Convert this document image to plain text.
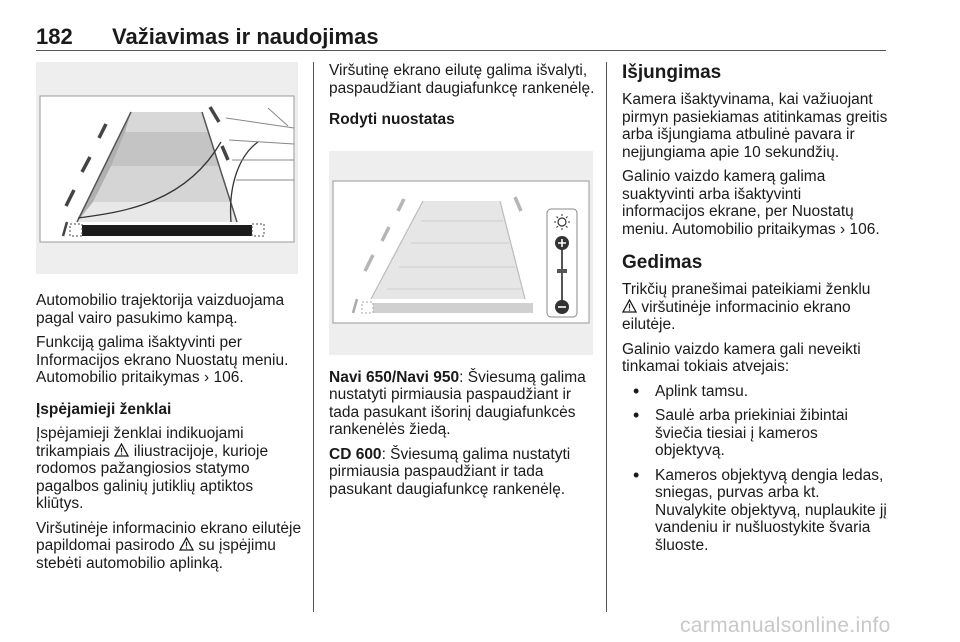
182 Važiavimas ir naudojimas

Automobilio trajektorija vaizduojama pagal vairo pasukimo kampą.

Funkciją galima išaktyvinti per Informacijos ekrano Nuostatų meniu. Automobilio pritaikymas › 106.

Įspėjamieji ženklai

Įspėjamieji ženklai indikuojami trikampiais iliustracijoje, kurioje rodomos pažangiosios statymo pagalbos galinių jutiklių aptiktos kliūtys.

Viršutinėje informacinio ekrano eilutėje papildomai pasirodo su įspėjimu stebėti automobilio aplinką.

Viršutinę ekrano eilutę galima išvalyti, paspaudžiant daugiafunkcę rankenėlę.

Rodyti nuostatas

Navi 650/Navi 950: Šviesumą galima nustatyti pirmiausia paspaudžiant ir tada pasukant išorinį daugiafunkcės rankenėlės žiedą.

CD 600: Šviesumą galima nustatyti pirmiausia paspaudžiant ir tada pasukant daugiafunkcę rankenėlę.

Išjungimas

Kamera išaktyvinama, kai važiuojant pirmyn pasiekiamas atitinkamas greitis arba išjungiama atbulinė pavara ir neįjungiama apie 10 sekundžių.

Galinio vaizdo kamerą galima suaktyvinti arba išaktyvinti informacijos ekrane, per Nuostatų meniu. Automobilio pritaikymas › 106.

Gedimas

Trikčių pranešimai pateikiami ženklu  viršutinėje informacinio ekrano eilutėje.

Galinio vaizdo kamera gali neveikti tinkamai tokiais atvejais:

• Aplink tamsu.
• Saulė arba priekiniai žibintai šviečia tiesiai į kameros objektyvą.
• Kameros objektyvą dengia ledas, sniegas, purvas arba kt. Nuvalykite objektyvą, nuplaukite jį vandeniu ir nušluostykite švaria šluoste.
carmanualsonline.info
